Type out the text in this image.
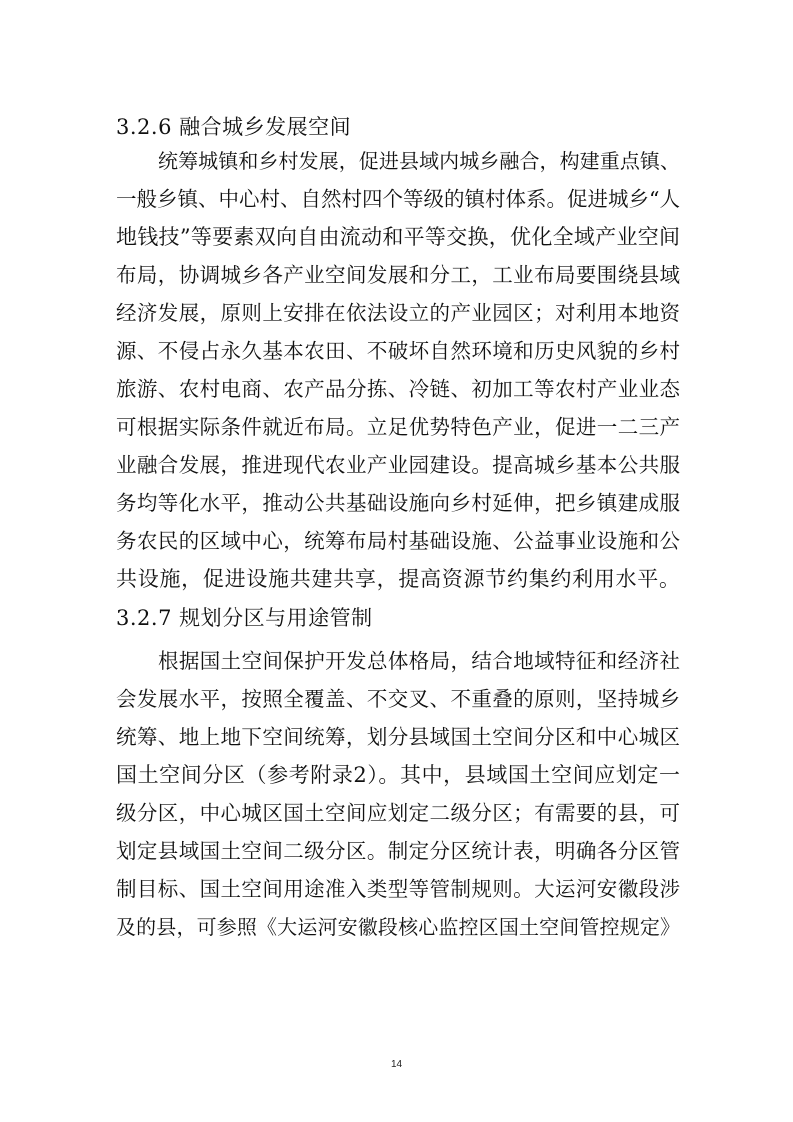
3.2.6 融合城乡发展空间
统筹城镇和乡村发展，促进县域内城乡融合，构建重点镇、
一般乡镇、中心村、自然村四个等级的镇村体系。促进城乡“人
地钱技”等要素双向自由流动和平等交换，优化全域产业空间
布局，协调城乡各产业空间发展和分工，工业布局要围绕县域
经济发展，原则上安排在依法设立的产业园区；对利用本地资
源、不侵占永久基本农田、不破坏自然环境和历史风貌的乡村
旅游、农村电商、农产品分拣、冷链、初加工等农村产业业态
可根据实际条件就近布局。立足优势特色产业，促进一二三产
业融合发展，推进现代农业产业园建设。提高城乡基本公共服
务均等化水平，推动公共基础设施向乡村延伸，把乡镇建成服
务农民的区域中心，统筹布局村基础设施、公益事业设施和公
共设施，促进设施共建共享，提高资源节约集约利用水平。
3.2.7 规划分区与用途管制
根据国土空间保护开发总体格局，结合地域特征和经济社
会发展水平，按照全覆盖、不交叉、不重叠的原则，坚持城乡
统筹、地上地下空间统筹，划分县域国土空间分区和中心城区
国土空间分区（参考附录2）。其中，县域国土空间应划定一
级分区，中心城区国土空间应划定二级分区；有需要的县，可
划定县域国土空间二级分区。制定分区统计表，明确各分区管
制目标、国土空间用途准入类型等管制规则。大运河安徽段涉
及的县，可参照《大运河安徽段核心监控区国土空间管控规定》
14
